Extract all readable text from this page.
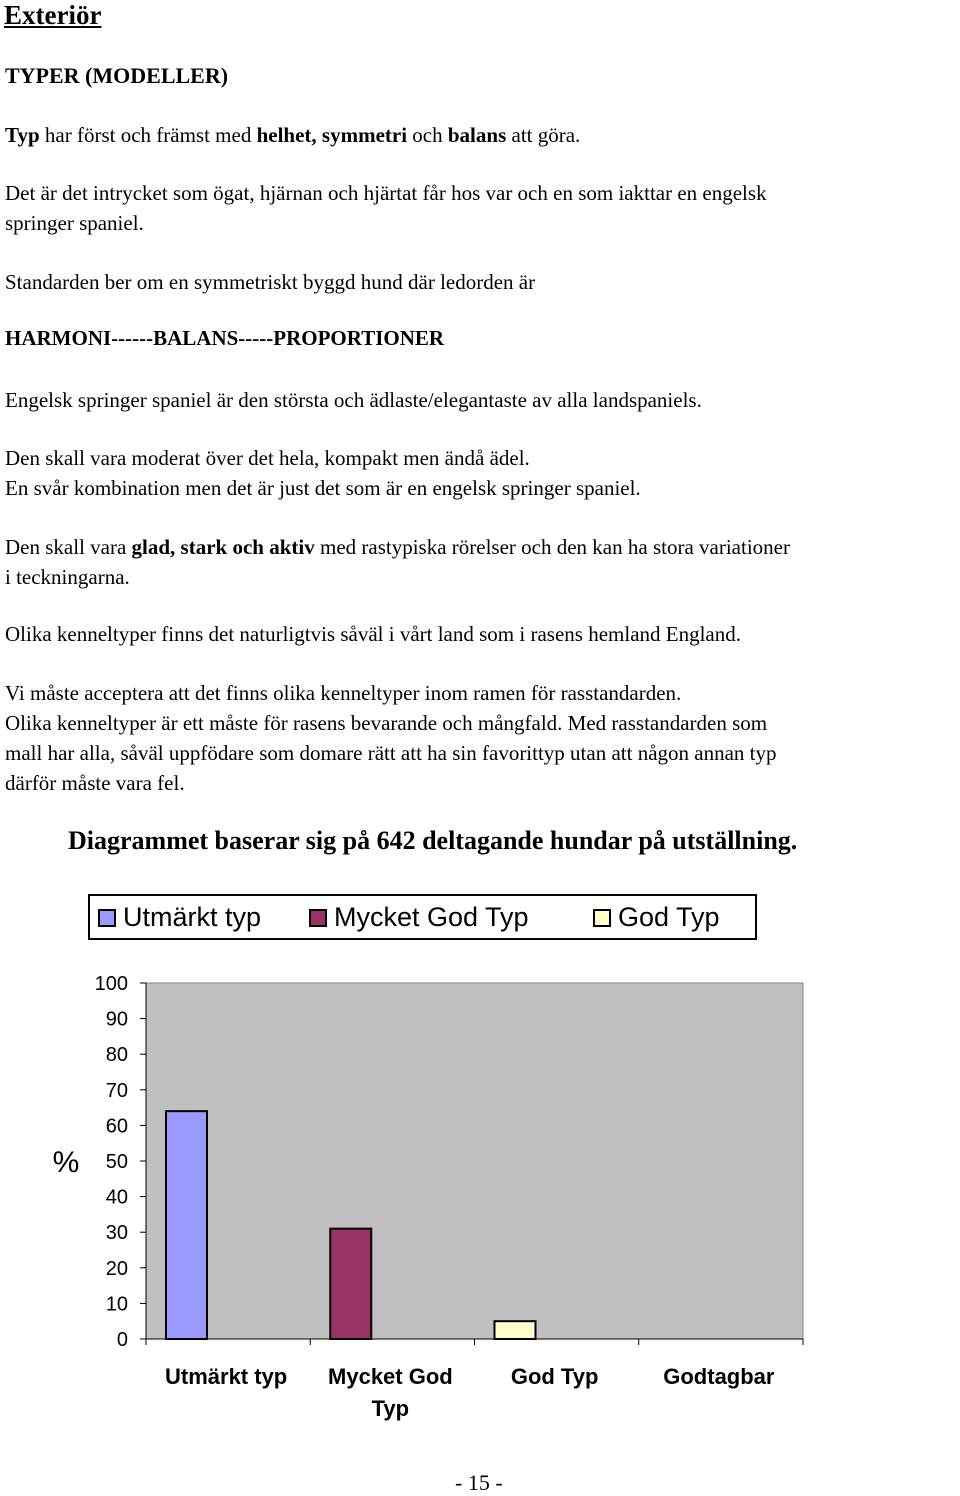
Exteriör
TYPER (MODELLER)
Typ har först och främst med helhet, symmetri och balans att göra.
Det är det intrycket som ögat, hjärnan och hjärtat får hos var och en som iakttar en engelsk
springer spaniel.
Standarden ber om en symmetriskt byggd hund där ledorden är
HARMONI------BALANS-----PROPORTIONER
Engelsk springer spaniel är den största och ädlaste/elegantaste av alla landspaniels.
Den skall vara moderat över det hela, kompakt men ändå ädel.
En svår kombination men det är just det som är en engelsk springer spaniel.
Den skall vara glad, stark och aktiv med rastypiska rörelser och den kan ha stora variationer
i teckningarna.
Olika kenneltyper finns det naturligtvis såväl i vårt land som i rasens hemland England.
Vi måste acceptera att det finns olika kenneltyper inom ramen för rasstandarden.
Olika kenneltyper är ett måste för rasens bevarande och mångfald. Med rasstandarden som
mall har alla, såväl uppfödare som domare rätt att ha sin favorittyp utan att någon annan typ
därför måste vara fel.
Diagrammet baserar sig på 642 deltagande hundar på utställning.
Utmärkt typ	Mycket God Typ	God Typ
0
10
20
30
40
50
60
70
80
90
100
%
Utmärkt typ Mycket God
Typ
God Typ	Godtagbar
- 15 -
